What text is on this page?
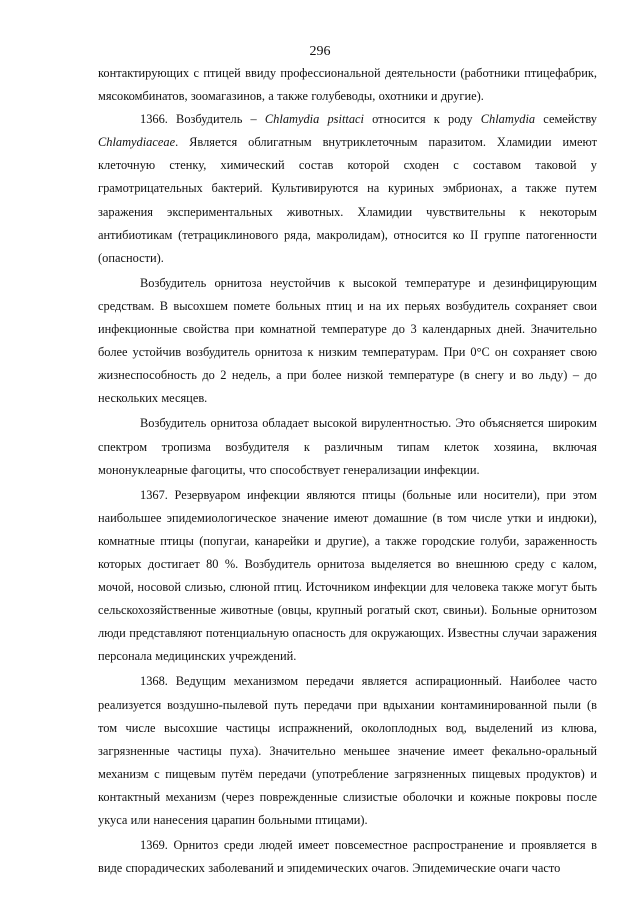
296

контактирующих с птицей ввиду профессиональной деятельности (работники птицефабрик, мясокомбинатов, зоомагазинов, а также голубеводы, охотники и другие).

1366. Возбудитель – Chlamydia psittaci относится к роду Chlamydia семейству Chlamydiaceae. Является облигатным внутриклеточным паразитом. Хламидии имеют клеточную стенку, химический состав которой сходен с составом таковой у грамотрицательных бактерий. Культивируются на куриных эмбрионах, а также путем заражения экспериментальных животных. Хламидии чувствительны к некоторым антибиотикам (тетрациклинового ряда, макролидам), относится ко II группе патогенности (опасности).

Возбудитель орнитоза неустойчив к высокой температуре и дезинфицирующим средствам. В высохшем помете больных птиц и на их перьях возбудитель сохраняет свои инфекционные свойства при комнатной температуре до 3 календарных дней. Значительно более устойчив возбудитель орнитоза к низким температурам. При 0°С он сохраняет свою жизнеспособность до 2 недель, а при более низкой температуре (в снегу и во льду) – до нескольких месяцев.

Возбудитель орнитоза обладает высокой вирулентностью. Это объясняется широким спектром тропизма возбудителя к различным типам клеток хозяина, включая мононуклеарные фагоциты, что способствует генерализации инфекции.

1367. Резервуаром инфекции являются птицы (больные или носители), при этом наибольшее эпидемиологическое значение имеют домашние (в том числе утки и индюки), комнатные птицы (попугаи, канарейки и другие), а также городские голуби, зараженность которых достигает 80 %. Возбудитель орнитоза выделяется во внешнюю среду с калом, мочой, носовой слизью, слюной птиц. Источником инфекции для человека также могут быть сельскохозяйственные животные (овцы, крупный рогатый скот, свиньи). Больные орнитозом люди представляют потенциальную опасность для окружающих. Известны случаи заражения персонала медицинских учреждений.

1368. Ведущим механизмом передачи является аспирационный. Наиболее часто реализуется воздушно-пылевой путь передачи при вдыхании контаминированной пыли (в том числе высохшие частицы испражнений, околоплодных вод, выделений из клюва, загрязненные частицы пуха). Значительно меньшее значение имеет фекально-оральный механизм с пищевым путём передачи (употребление загрязненных пищевых продуктов) и контактный механизм (через поврежденные слизистые оболочки и кожные покровы после укуса или нанесения царапин больными птицами).

1369. Орнитоз среди людей имеет повсеместное распространение и проявляется в виде спорадических заболеваний и эпидемических очагов. Эпидемические очаги часто
